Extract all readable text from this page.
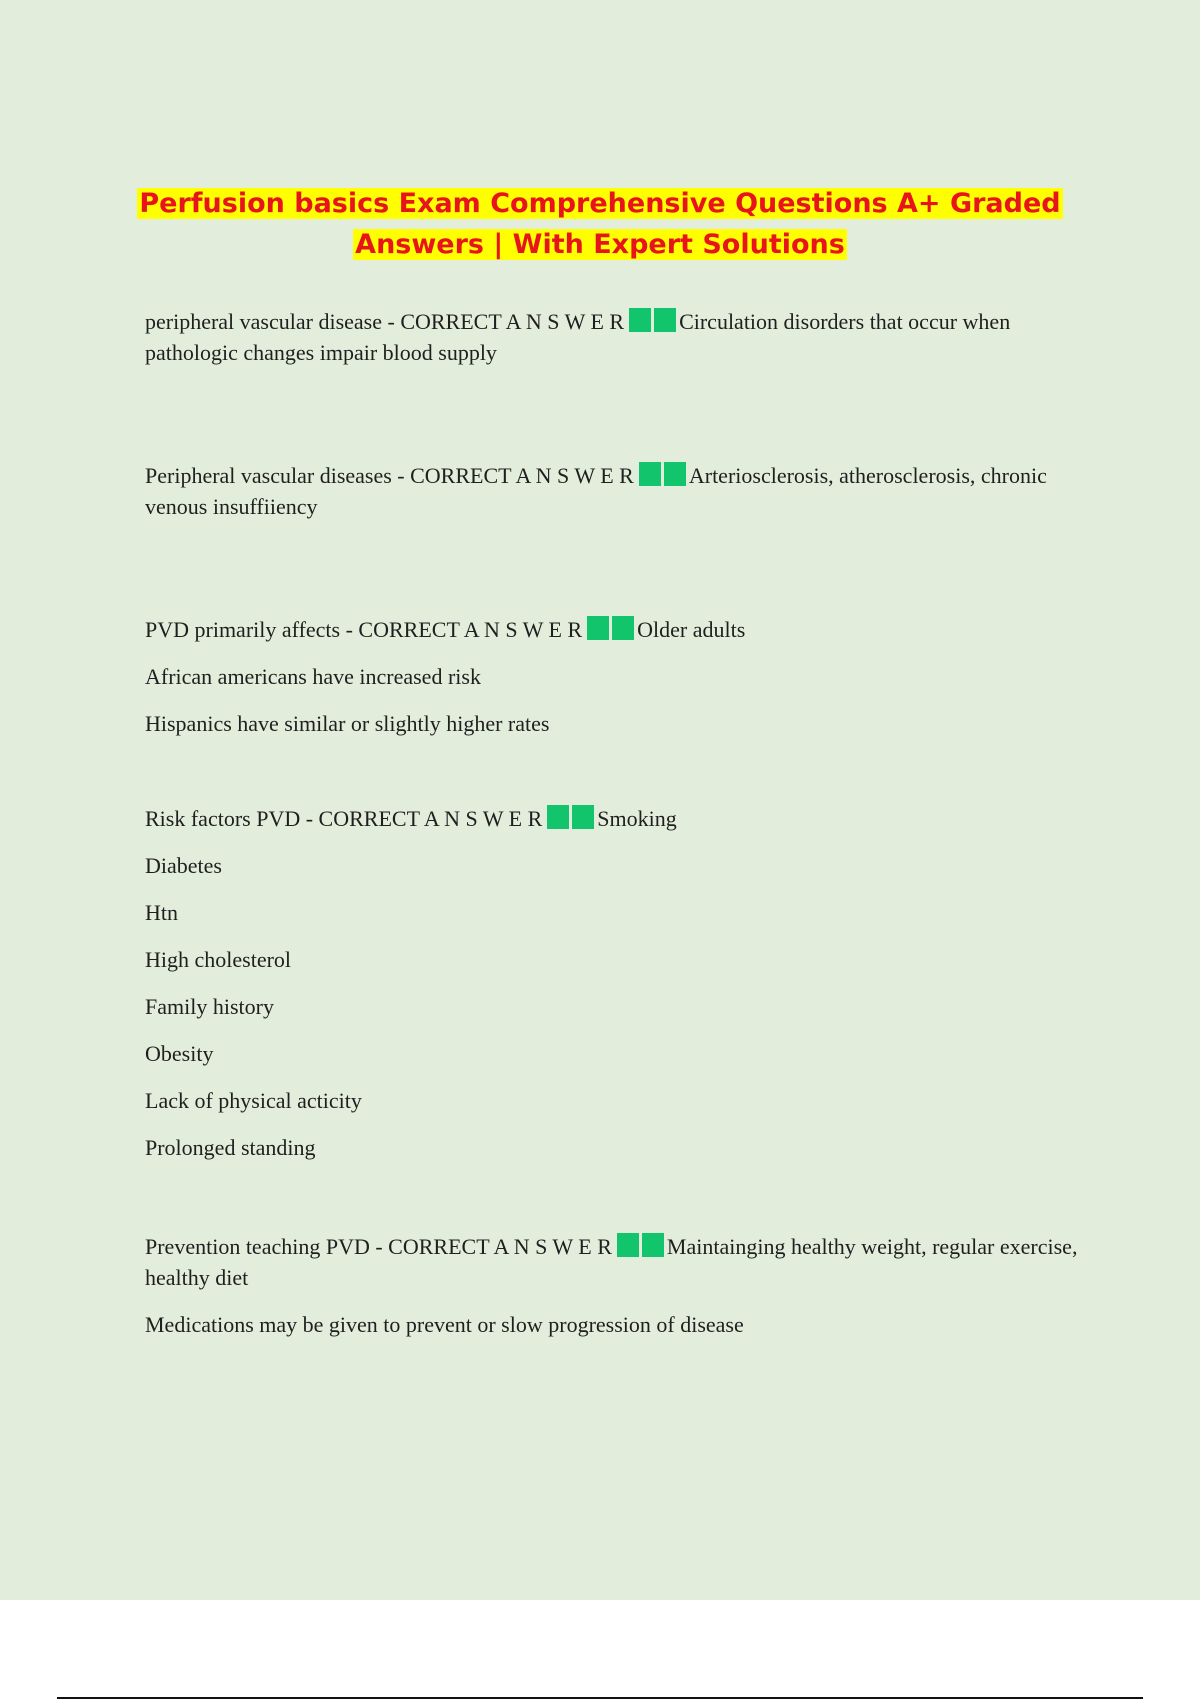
Perfusion basics Exam Comprehensive Questions A+ Graded Answers | With Expert Solutions
peripheral vascular disease - CORRECT A N S W E R	Circulation disorders that occur when pathologic changes impair blood supply
Peripheral vascular diseases - CORRECT A N S W E R	Arteriosclerosis, atherosclerosis, chronic venous insuffiiency
PVD primarily affects - CORRECT A N S W E R	Older adults
African americans have increased risk
Hispanics have similar or slightly higher rates
Risk factors PVD - CORRECT A N S W E R	Smoking
Diabetes
Htn
High cholesterol
Family history
Obesity
Lack of physical acticity
Prolonged standing
Prevention teaching PVD - CORRECT A N S W E R	Maintainging healthy weight, regular exercise, healthy diet
Medications may be given to prevent or slow progression of disease
